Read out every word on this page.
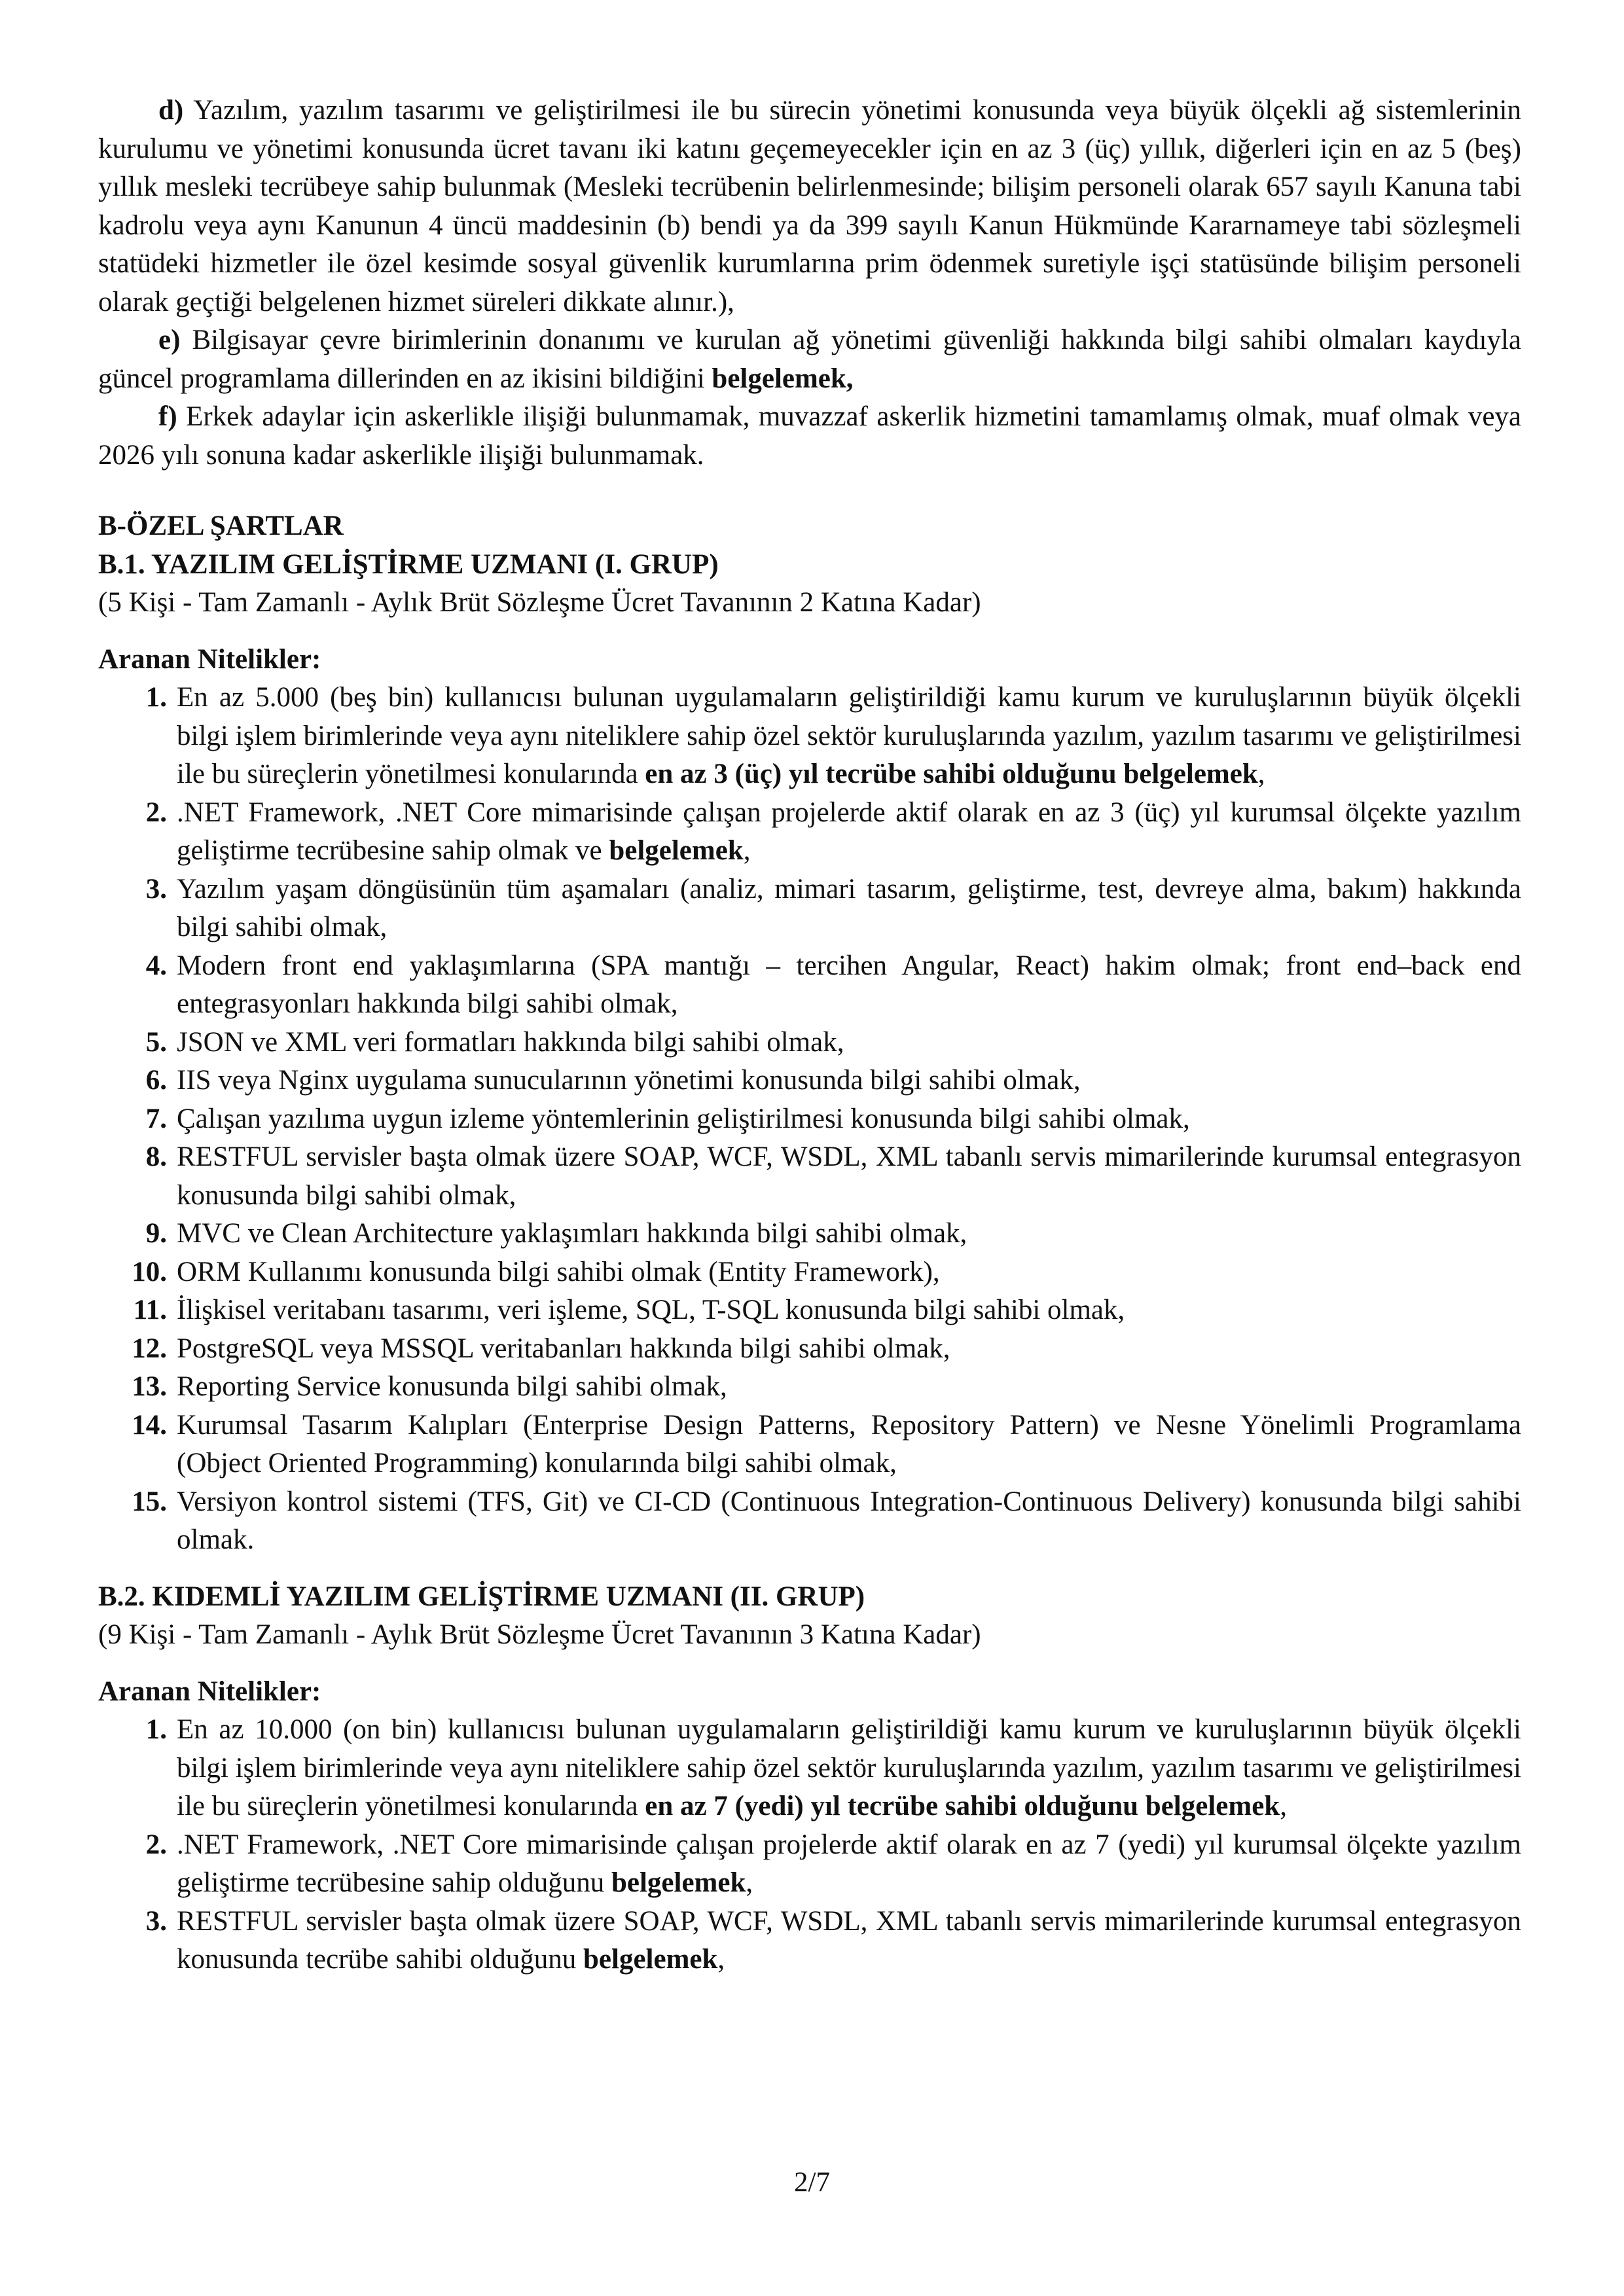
d) Yazılım, yazılım tasarımı ve geliştirilmesi ile bu sürecin yönetimi konusunda veya büyük ölçekli ağ sistemlerinin kurulumu ve yönetimi konusunda ücret tavanı iki katını geçemeyecekler için en az 3 (üç) yıllık, diğerleri için en az 5 (beş) yıllık mesleki tecrübeye sahip bulunmak (Mesleki tecrübenin belirlenmesinde; bilişim personeli olarak 657 sayılı Kanuna tabi kadrolu veya aynı Kanunun 4 üncü maddesinin (b) bendi ya da 399 sayılı Kanun Hükmünde Kararnameye tabi sözleşmeli statüdeki hizmetler ile özel kesimde sosyal güvenlik kurumlarına prim ödenmek suretiyle işçi statüsünde bilişim personeli olarak geçtiği belgelenen hizmet süreleri dikkate alınır.),

e) Bilgisayar çevre birimlerinin donanımı ve kurulan ağ yönetimi güvenliği hakkında bilgi sahibi olmaları kaydıyla güncel programlama dillerinden en az ikisini bildiğini belgelemek,

f) Erkek adaylar için askerlikle ilişiği bulunmamak, muvazzaf askerlik hizmetini tamamlamış olmak, muaf olmak veya 2026 yılı sonuna kadar askerlikle ilişiği bulunmamak.

B-ÖZEL ŞARTLAR

B.1. YAZILIM GELİŞTİRME UZMANI (I. GRUP)

(5 Kişi - Tam Zamanlı - Aylık Brüt Sözleşme Ücret Tavanının 2 Katına Kadar)

Aranan Nitelikler:

1. En az 5.000 (beş bin) kullanıcısı bulunan uygulamaların geliştirildiği kamu kurum ve kuruluşlarının büyük ölçekli bilgi işlem birimlerinde veya aynı niteliklere sahip özel sektör kuruluşlarında yazılım, yazılım tasarımı ve geliştirilmesi ile bu süreçlerin yönetilmesi konularında en az 3 (üç) yıl tecrübe sahibi olduğunu belgelemek,
2. .NET Framework, .NET Core mimarisinde çalışan projelerde aktif olarak en az 3 (üç) yıl kurumsal ölçekte yazılım geliştirme tecrübesine sahip olmak ve belgelemek,
3. Yazılım yaşam döngüsünün tüm aşamaları (analiz, mimari tasarım, geliştirme, test, devreye alma, bakım) hakkında bilgi sahibi olmak,
4. Modern front end yaklaşımlarına (SPA mantığı – tercihen Angular, React) hakim olmak; front end–back end entegrasyonları hakkında bilgi sahibi olmak,
5. JSON ve XML veri formatları hakkında bilgi sahibi olmak,
6. IIS veya Nginx uygulama sunucularının yönetimi konusunda bilgi sahibi olmak,
7. Çalışan yazılıma uygun izleme yöntemlerinin geliştirilmesi konusunda bilgi sahibi olmak,
8. RESTFUL servisler başta olmak üzere SOAP, WCF, WSDL, XML tabanlı servis mimarilerinde kurumsal entegrasyon konusunda bilgi sahibi olmak,
9. MVC ve Clean Architecture yaklaşımları hakkında bilgi sahibi olmak,
10. ORM Kullanımı konusunda bilgi sahibi olmak (Entity Framework),
11. İlişkisel veritabanı tasarımı, veri işleme, SQL, T-SQL konusunda bilgi sahibi olmak,
12. PostgreSQL veya MSSQL veritabanları hakkında bilgi sahibi olmak,
13. Reporting Service konusunda bilgi sahibi olmak,
14. Kurumsal Tasarım Kalıpları (Enterprise Design Patterns, Repository Pattern) ve Nesne Yönelimli Programlama (Object Oriented Programming) konularında bilgi sahibi olmak,
15. Versiyon kontrol sistemi (TFS, Git) ve CI-CD (Continuous Integration-Continuous Delivery) konusunda bilgi sahibi olmak.

B.2. KIDEMLİ YAZILIM GELİŞTİRME UZMANI (II. GRUP)

(9 Kişi - Tam Zamanlı - Aylık Brüt Sözleşme Ücret Tavanının 3 Katına Kadar)

Aranan Nitelikler:

1. En az 10.000 (on bin) kullanıcısı bulunan uygulamaların geliştirildiği kamu kurum ve kuruluşlarının büyük ölçekli bilgi işlem birimlerinde veya aynı niteliklere sahip özel sektör kuruluşlarında yazılım, yazılım tasarımı ve geliştirilmesi ile bu süreçlerin yönetilmesi konularında en az 7 (yedi) yıl tecrübe sahibi olduğunu belgelemek,
2. .NET Framework, .NET Core mimarisinde çalışan projelerde aktif olarak en az 7 (yedi) yıl kurumsal ölçekte yazılım geliştirme tecrübesine sahip olduğunu belgelemek,
3. RESTFUL servisler başta olmak üzere SOAP, WCF, WSDL, XML tabanlı servis mimarilerinde kurumsal entegrasyon konusunda tecrübe sahibi olduğunu belgelemek,
2/7
